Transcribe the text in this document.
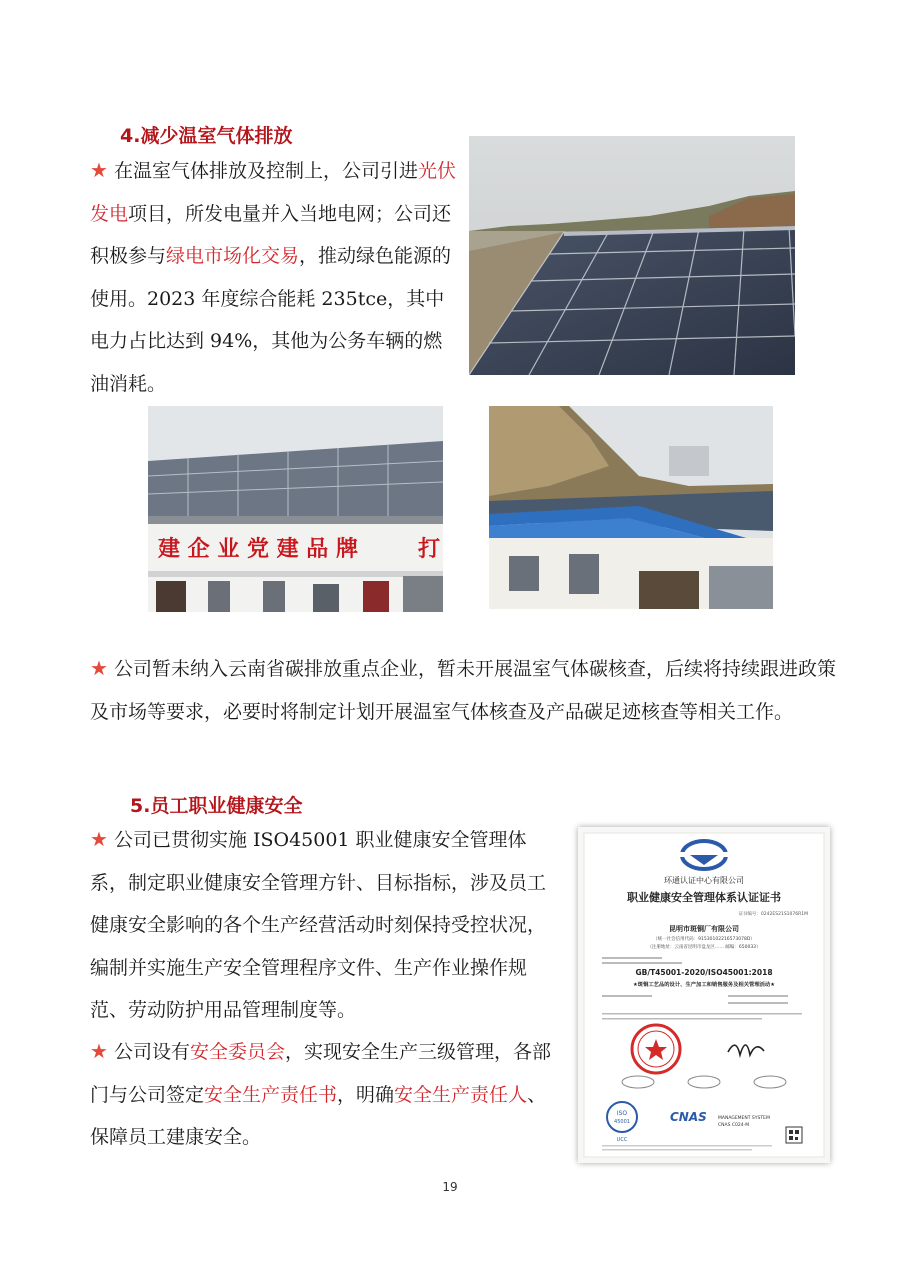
4.减少温室气体排放
★ 在温室气体排放及控制上，公司引进光伏发电项目，所发电量并入当地电网；公司还积极参与绿电市场化交易，推动绿色能源的使用。2023 年度综合能耗 235tce，其中电力占比达到 94%，其他为公务车辆的燃油消耗。
建 企 业 党 建 品 牌	打
★ 公司暂未纳入云南省碳排放重点企业，暂未开展温室气体碳核查，后续将持续跟进政策及市场等要求，必要时将制定计划开展温室气体核查及产品碳足迹核查等相关工作。
5.员工职业健康安全
★ 公司已贯彻实施 ISO45001 职业健康安全管理体系，制定职业健康安全管理方针、目标指标，涉及员工健康安全影响的各个生产经营活动时刻保持受控状况，编制并实施生产安全管理程序文件、生产作业操作规范、劳动防护用品管理制度等。
★ 公司设有安全委员会，实现安全生产三级管理，各部门与公司签定安全生产责任书，明确安全生产责任人、保障员工建康安全。
环通认证中心有限公司
职业健康安全管理体系认证证书
证书编号：0242ES21S1076R1M
昆明市斑铜厂有限公司
（统一社会信用代码：91530102216573078D）
（注册地址：云南省昆明市盘龙区…… 邮编：650033）
GB/T45001-2020/ISO45001:2018
★斑铜工艺品的设计、生产加工和销售服务及相关管理活动★
ISO
45001
UCC
CNAS MANAGEMENT SYSTEM
CNAS C024-M
19
